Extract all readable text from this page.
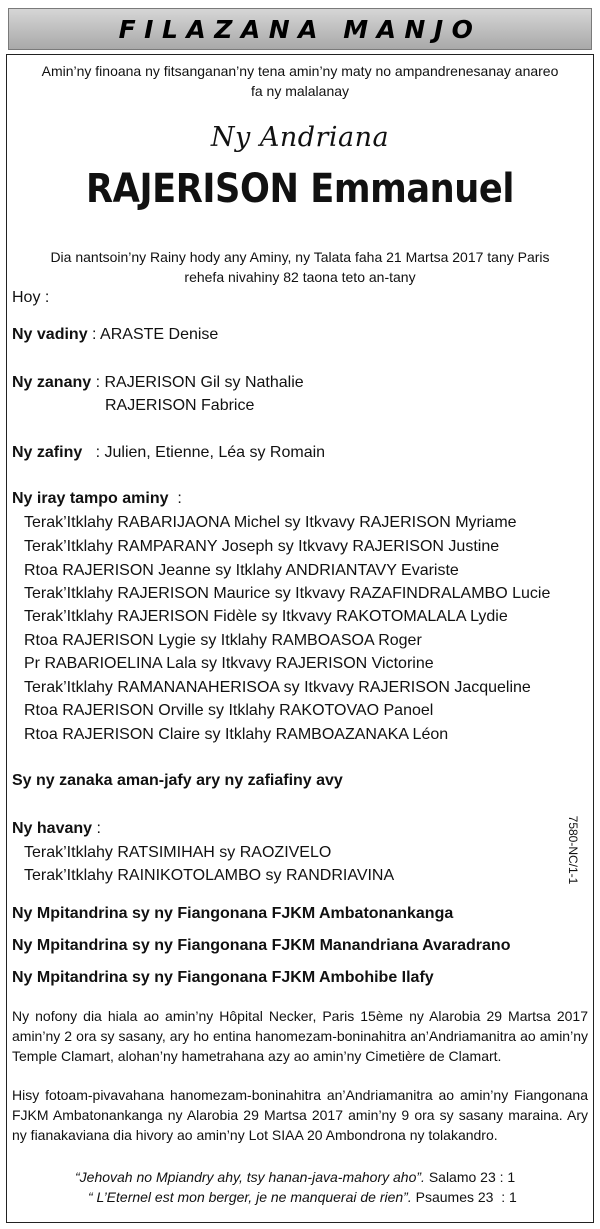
FILAZANA MANJO

Amin’ny finoana ny fitsanganan’ny tena amin’ny maty no ampandrenesanay anareo

fa ny malalanay

Ny Andriana

RAJERISON Emmanuel

Dia nantsoin’ny Rainy hody any Aminy, ny Talata faha 21 Martsa 2017 tany Paris

rehefa nivahiny 82 taona teto an-tany

Hoy :

Ny vadiny : ARASTE Denise

Ny zanany : RAJERISON Gil sy Nathalie

RAJERISON Fabrice

Ny zafiny   : Julien, Etienne, Léa sy Romain

Ny iray tampo aminy  :

Terak’Itklahy RABARIJAONA Michel sy Itkvavy RAJERISON Myriame

Terak’Itklahy RAMPARANY Joseph sy Itkvavy RAJERISON Justine

Rtoa RAJERISON Jeanne sy Itklahy ANDRIANTAVY Evariste

Terak’Itklahy RAJERISON Maurice sy Itkvavy RAZAFINDRALAMBO Lucie

Terak’Itklahy RAJERISON Fidèle sy Itkvavy RAKOTOMALALA Lydie

Rtoa RAJERISON Lygie sy Itklahy RAMBOASOA Roger

Pr RABARIOELINA Lala sy Itkvavy RAJERISON Victorine

Terak’Itklahy RAMANANAHERISOA sy Itkvavy RAJERISON Jacqueline

Rtoa RAJERISON Orville sy Itklahy RAKOTOVAO Panoel

Rtoa RAJERISON Claire sy Itklahy RAMBOAZANAKA Léon

Sy ny zanaka aman-jafy ary ny zafiafiny avy

Ny havany :

Terak’Itklahy RATSIMIHAH sy RAOZIVELO

Terak’Itklahy RAINIKOTOLAMBO sy RANDRIAVINA	7580-NC/1-1

Ny Mpitandrina sy ny Fiangonana FJKM Ambatonankanga

Ny Mpitandrina sy ny Fiangonana FJKM Manandriana Avaradrano

Ny Mpitandrina sy ny Fiangonana FJKM Ambohibe Ilafy

Ny nofony dia hiala ao amin’ny Hôpital Necker, Paris 15ème ny Alarobia 29 Martsa 2017 amin’ny 2 ora sy sasany, ary ho entina hanomezam-boninahitra an’Andriamanitra ao amin’ny Temple Clamart, alohan’ny hametrahana azy ao amin’ny Cimetière de Clamart.

Hisy fotoam-pivavahana hanomezam-boninahitra an’Andriamanitra ao amin’ny Fiangonana FJKM Ambatonankanga ny Alarobia 29 Martsa 2017 amin’ny 9 ora sy sasany maraina. Ary ny fianakaviana dia hivory ao amin’ny Lot SIAA 20 Ambondrona ny tolakandro.

“Jehovah no Mpiandry ahy, tsy hanan-java-mahory aho”. Salamo 23 : 1

“ L’Eternel est mon berger, je ne manquerai de rien”. Psaumes 23  : 1
